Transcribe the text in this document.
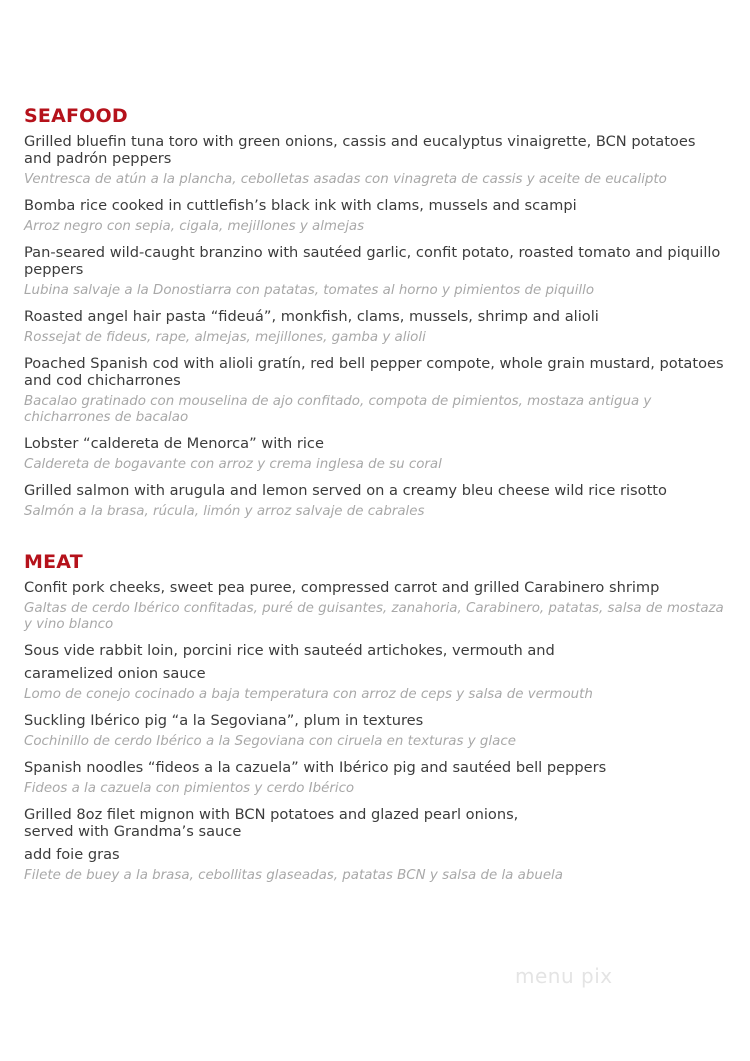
SEAFOOD

Grilled bluefin tuna toro with green onions, cassis and eucalyptus vinaigrette, BCN potatoes and padrón peppers

Ventresca de atún a la plancha, cebolletas asadas con vinagreta de cassis y aceite de eucalipto

Bomba rice cooked in cuttlefish’s black ink with clams, mussels and scampi

Arroz negro con sepia, cigala, mejillones y almejas

Pan-seared wild-caught branzino with sautéed garlic, confit potato, roasted tomato and piquillo peppers

Lubina salvaje a la Donostiarra con patatas, tomates al horno y pimientos de piquillo

Roasted angel hair pasta “fideuá”, monkfish, clams, mussels, shrimp and alioli

Rossejat de fideus, rape, almejas, mejillones, gamba y alioli

Poached Spanish cod with alioli gratín, red bell pepper compote, whole grain mustard, potatoes and cod chicharrones

Bacalao gratinado con mouselina de ajo confitado, compota de pimientos, mostaza antigua y chicharrones de bacalao

Lobster “caldereta de Menorca” with rice

Caldereta de bogavante con arroz y crema inglesa de su coral

Grilled salmon with arugula and lemon served on a creamy bleu cheese wild rice risotto

Salmón a la brasa, rúcula, limón y arroz salvaje de cabrales

MEAT

Confit pork cheeks, sweet pea puree, compressed carrot and grilled Carabinero shrimp

Galtas de cerdo Ibérico confitadas, puré de guisantes, zanahoria, Carabinero, patatas, salsa de mostaza y vino blanco

Sous vide rabbit loin, porcini rice with sauteéd artichokes, vermouth and

caramelized onion sauce

Lomo de conejo cocinado a baja temperatura con arroz de ceps y salsa de vermouth

Suckling Ibérico pig “a la Segoviana”, plum in textures

Cochinillo de cerdo Ibérico a la Segoviana con ciruela en texturas y glace

Spanish noodles “fideos a la cazuela” with Ibérico pig and sautéed bell peppers

Fideos a la cazuela con pimientos y cerdo Ibérico

Grilled 8oz filet mignon with BCN potatoes and glazed pearl onions,

served with Grandma’s sauce

add foie gras

Filete de buey a la brasa, cebollitas glaseadas, patatas BCN y salsa de la abuela

menu pix
